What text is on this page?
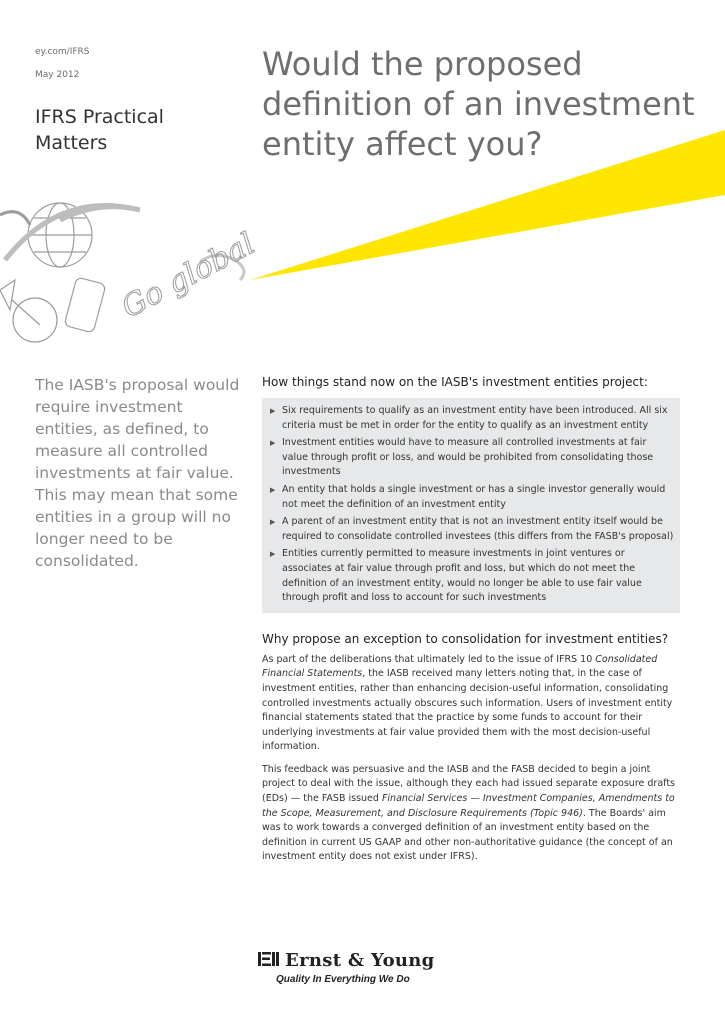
ey.com/IFRS
May 2012
IFRS Practical Matters
Would the proposed definition of an investment entity affect you?
Go global
The IASB's proposal would require investment entities, as defined, to measure all controlled investments at fair value. This may mean that some entities in a group will no longer need to be consolidated.
How things stand now on the IASB's investment entities project:
▶ Six requirements to qualify as an investment entity have been introduced. All six criteria must be met in order for the entity to qualify as an investment entity
▶ Investment entities would have to measure all controlled investments at fair value through profit or loss, and would be prohibited from consolidating those investments
▶ An entity that holds a single investment or has a single investor generally would not meet the definition of an investment entity
▶ A parent of an investment entity that is not an investment entity itself would be required to consolidate controlled investees (this differs from the FASB's proposal)
▶ Entities currently permitted to measure investments in joint ventures or associates at fair value through profit and loss, but which do not meet the definition of an investment entity, would no longer be able to use fair value through profit and loss to account for such investments
Why propose an exception to consolidation for investment entities?

As part of the deliberations that ultimately led to the issue of IFRS 10 Consolidated Financial Statements, the IASB received many letters noting that, in the case of investment entities, rather than enhancing decision-useful information, consolidating controlled investments actually obscures such information. Users of investment entity financial statements stated that the practice by some funds to account for their underlying investments at fair value provided them with the most decision-useful information.

This feedback was persuasive and the IASB and the FASB decided to begin a joint project to deal with the issue, although they each had issued separate exposure drafts (EDs) — the FASB issued Financial Services — Investment Companies, Amendments to the Scope, Measurement, and Disclosure Requirements (Topic 946). The Boards' aim was to work towards a converged definition of an investment entity based on the definition in current US GAAP and other non-authoritative guidance (the concept of an investment entity does not exist under IFRS).

Ernst & Young
Quality In Everything We Do
